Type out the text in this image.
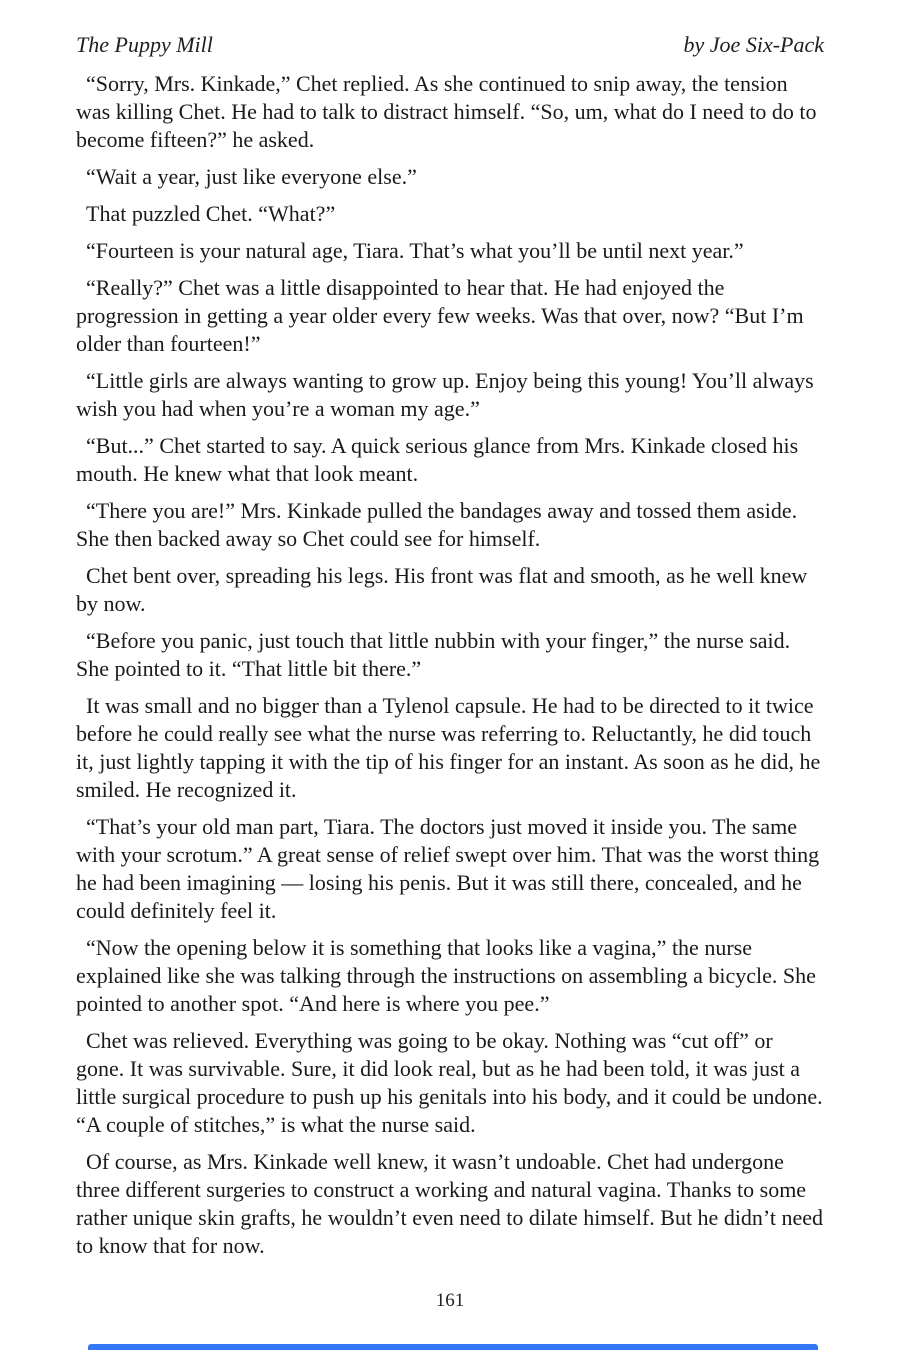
The Puppy Mill	by Joe Six-Pack

“Sorry, Mrs. Kinkade,” Chet replied. As she continued to snip away, the tension was killing Chet. He had to talk to distract himself. “So, um, what do I need to do to become fifteen?” he asked.

“Wait a year, just like everyone else.”

That puzzled Chet. “What?”

“Fourteen is your natural age, Tiara. That’s what you’ll be until next year.”

“Really?” Chet was a little disappointed to hear that. He had enjoyed the progression in getting a year older every few weeks. Was that over, now? “But I’m older than fourteen!”

“Little girls are always wanting to grow up. Enjoy being this young! You’ll always wish you had when you’re a woman my age.”

“But...” Chet started to say. A quick serious glance from Mrs. Kinkade closed his mouth. He knew what that look meant.

“There you are!” Mrs. Kinkade pulled the bandages away and tossed them aside. She then backed away so Chet could see for himself.

Chet bent over, spreading his legs. His front was flat and smooth, as he well knew by now.

“Before you panic, just touch that little nubbin with your finger,” the nurse said. She pointed to it. “That little bit there.”

It was small and no bigger than a Tylenol capsule. He had to be directed to it twice before he could really see what the nurse was referring to. Reluctantly, he did touch it, just lightly tapping it with the tip of his finger for an instant. As soon as he did, he smiled. He recognized it.

“That’s your old man part, Tiara. The doctors just moved it inside you. The same with your scrotum.” A great sense of relief swept over him. That was the worst thing he had been imagining — losing his penis. But it was still there, concealed, and he could definitely feel it.

“Now the opening below it is something that looks like a vagina,” the nurse explained like she was talking through the instructions on assembling a bicycle. She pointed to another spot. “And here is where you pee.”

Chet was relieved. Everything was going to be okay. Nothing was “cut off” or gone. It was survivable. Sure, it did look real, but as he had been told, it was just a little surgical procedure to push up his genitals into his body, and it could be undone. “A couple of stitches,” is what the nurse said.

Of course, as Mrs. Kinkade well knew, it wasn’t undoable. Chet had undergone three different surgeries to construct a working and natural vagina. Thanks to some rather unique skin grafts, he wouldn’t even need to dilate himself. But he didn’t need to know that for now.

161
